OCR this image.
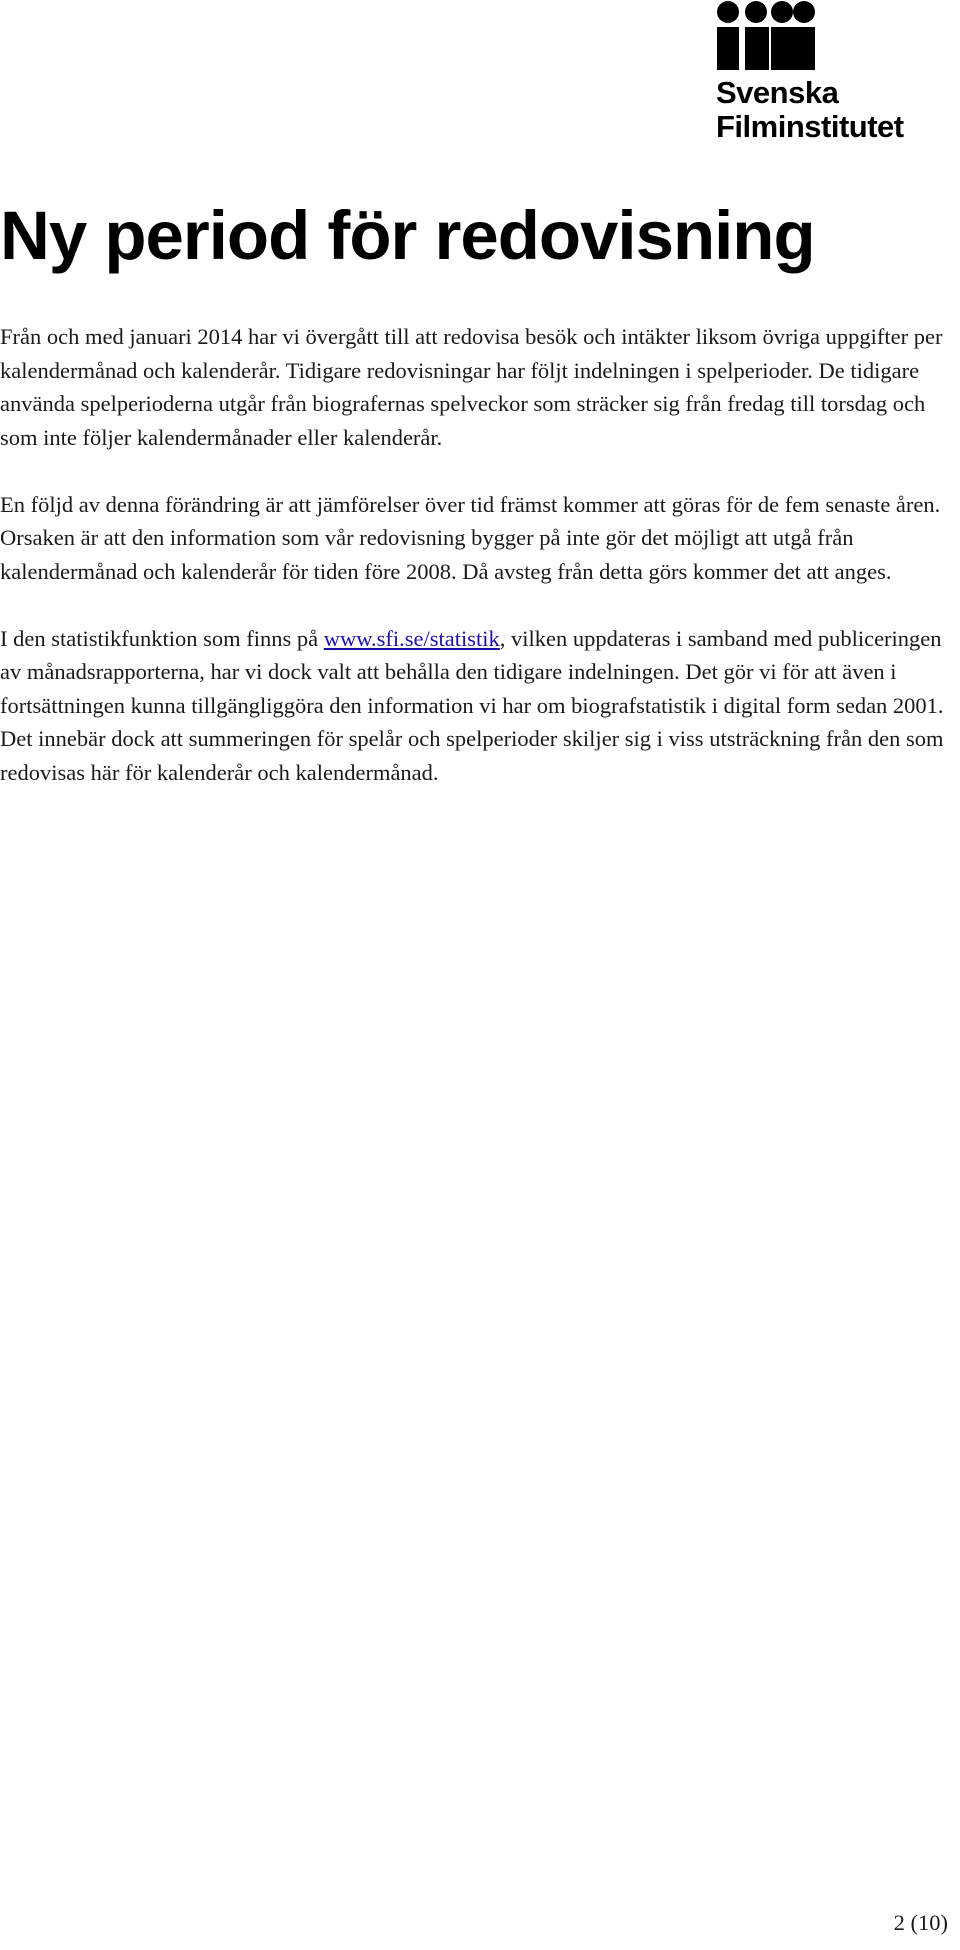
Svenska
Filminstitutet
Ny period för redovisning

Från och med januari 2014 har vi övergått till att redovisa besök och intäkter liksom övriga uppgifter per kalendermånad och kalenderår. Tidigare redovisningar har följt indelningen i spelperioder. De tidigare använda spelperioderna utgår från biografernas spelveckor som sträcker sig från fredag till torsdag och som inte följer kalendermånader eller kalenderår.

En följd av denna förändring är att jämförelser över tid främst kommer att göras för de fem senaste åren. Orsaken är att den information som vår redovisning bygger på inte gör det möjligt att utgå från kalendermånad och kalenderår för tiden före 2008. Då avsteg från detta görs kommer det att anges.

I den statistikfunktion som finns på www.sfi.se/statistik, vilken uppdateras i samband med publiceringen av månadsrapporterna, har vi dock valt att behålla den tidigare indelningen. Det gör vi för att även i fortsättningen kunna tillgängliggöra den information vi har om biografstatistik i digital form sedan 2001. Det innebär dock att summeringen för spelår och spelperioder skiljer sig i viss utsträckning från den som redovisas här för kalenderår och kalendermånad.

2 (10)
